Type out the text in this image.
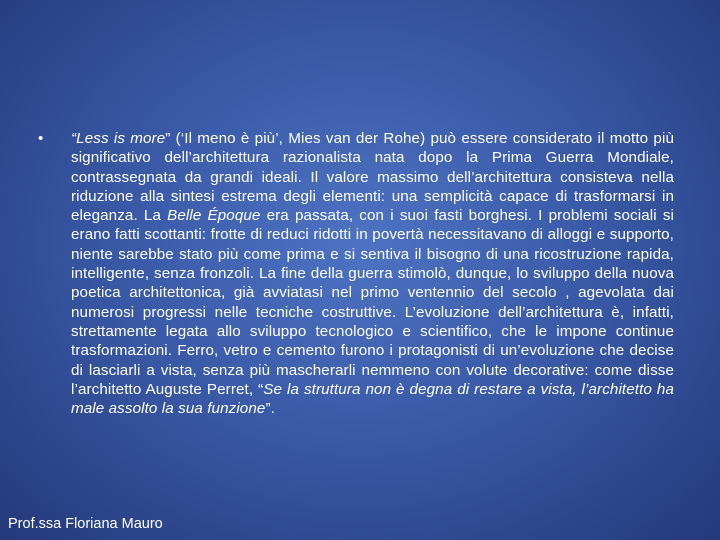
•	“Less is more” (‘Il meno è più’, Mies van der Rohe) può essere considerato il motto più significativo dell’architettura razionalista nata dopo la Prima Guerra Mondiale, contrassegnata da grandi ideali. Il valore massimo dell’architettura consisteva nella riduzione alla sintesi estrema degli elementi: una semplicità capace di trasformarsi in eleganza. La Belle Époque era passata, con i suoi fasti borghesi. I problemi sociali si erano fatti scottanti: frotte di reduci ridotti in povertà necessitavano di alloggi e supporto, niente sarebbe stato più come prima e si sentiva il bisogno di una ricostruzione rapida, intelligente, senza fronzoli. La fine della guerra stimolò, dunque, lo sviluppo della nuova poetica architettonica, già avviatasi nel primo ventennio del secolo , agevolata dai numerosi progressi nelle tecniche costruttive. L’evoluzione dell’architettura è, infatti, strettamente legata allo sviluppo tecnologico e scientifico, che le impone continue trasformazioni. Ferro, vetro e cemento furono i protagonisti di un’evoluzione che decise di lasciarli a vista, senza più mascherarli nemmeno con volute decorative: come disse l’architetto Auguste Perret, “Se la struttura non è degna di restare a vista, l’architetto ha male assolto la sua funzione”.

Prof.ssa Floriana Mauro
